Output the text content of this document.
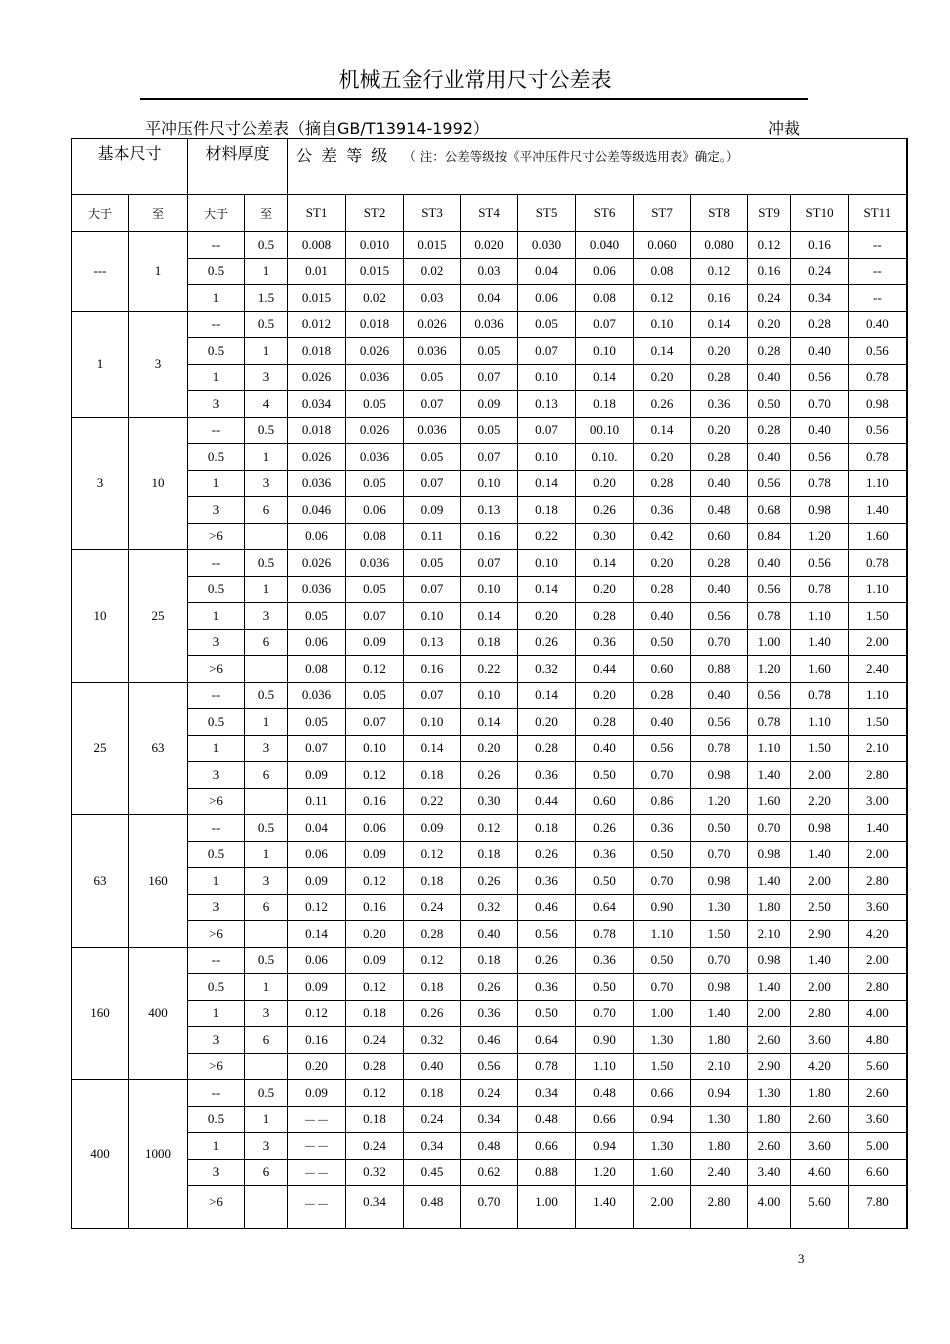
机械五金行业常用尺寸公差表
平冲压件尺寸公差表（摘自GB/T13914-1992）	冲裁
基本尺寸		材料厚度		公 差 等 级 （ 注：公差等级按《平冲压件尺寸公差等级选用表》确定。）										
大于	至	大于	至	ST1	ST2	ST3	ST4	ST5	ST6	ST7	ST8	ST9	ST10	ST11
---	1	--	0.5	0.008	0.010	0.015	0.020	0.030	0.040	0.060	0.080	0.12	0.16	--
		0.5	1	0.01	0.015	0.02	0.03	0.04	0.06	0.08	0.12	0.16	0.24	--
		1	1.5	0.015	0.02	0.03	0.04	0.06	0.08	0.12	0.16	0.24	0.34	--
1	3	--	0.5	0.012	0.018	0.026	0.036	0.05	0.07	0.10	0.14	0.20	0.28	0.40
		0.5	1	0.018	0.026	0.036	0.05	0.07	0.10	0.14	0.20	0.28	0.40	0.56
		1	3	0.026	0.036	0.05	0.07	0.10	0.14	0.20	0.28	0.40	0.56	0.78
		3	4	0.034	0.05	0.07	0.09	0.13	0.18	0.26	0.36	0.50	0.70	0.98
3	10	--	0.5	0.018	0.026	0.036	0.05	0.07	00.10	0.14	0.20	0.28	0.40	0.56
		0.5	1	0.026	0.036	0.05	0.07	0.10	0.10.	0.20	0.28	0.40	0.56	0.78
		1	3	0.036	0.05	0.07	0.10	0.14	0.20	0.28	0.40	0.56	0.78	1.10
		3	6	0.046	0.06	0.09	0.13	0.18	0.26	0.36	0.48	0.68	0.98	1.40
		>6		0.06	0.08	0.11	0.16	0.22	0.30	0.42	0.60	0.84	1.20	1.60
10	25	--	0.5	0.026	0.036	0.05	0.07	0.10	0.14	0.20	0.28	0.40	0.56	0.78
		0.5	1	0.036	0.05	0.07	0.10	0.14	0.20	0.28	0.40	0.56	0.78	1.10
		1	3	0.05	0.07	0.10	0.14	0.20	0.28	0.40	0.56	0.78	1.10	1.50
		3	6	0.06	0.09	0.13	0.18	0.26	0.36	0.50	0.70	1.00	1.40	2.00
		>6		0.08	0.12	0.16	0.22	0.32	0.44	0.60	0.88	1.20	1.60	2.40
25	63	--	0.5	0.036	0.05	0.07	0.10	0.14	0.20	0.28	0.40	0.56	0.78	1.10
		0.5	1	0.05	0.07	0.10	0.14	0.20	0.28	0.40	0.56	0.78	1.10	1.50
		1	3	0.07	0.10	0.14	0.20	0.28	0.40	0.56	0.78	1.10	1.50	2.10
		3	6	0.09	0.12	0.18	0.26	0.36	0.50	0.70	0.98	1.40	2.00	2.80
		>6		0.11	0.16	0.22	0.30	0.44	0.60	0.86	1.20	1.60	2.20	3.00
63	160	--	0.5	0.04	0.06	0.09	0.12	0.18	0.26	0.36	0.50	0.70	0.98	1.40
		0.5	1	0.06	0.09	0.12	0.18	0.26	0.36	0.50	0.70	0.98	1.40	2.00
		1	3	0.09	0.12	0.18	0.26	0.36	0.50	0.70	0.98	1.40	2.00	2.80
		3	6	0.12	0.16	0.24	0.32	0.46	0.64	0.90	1.30	1.80	2.50	3.60
		>6		0.14	0.20	0.28	0.40	0.56	0.78	1.10	1.50	2.10	2.90	4.20
160	400	--	0.5	0.06	0.09	0.12	0.18	0.26	0.36	0.50	0.70	0.98	1.40	2.00
		0.5	1	0.09	0.12	0.18	0.26	0.36	0.50	0.70	0.98	1.40	2.00	2.80
		1	3	0.12	0.18	0.26	0.36	0.50	0.70	1.00	1.40	2.00	2.80	4.00
		3	6	0.16	0.24	0.32	0.46	0.64	0.90	1.30	1.80	2.60	3.60	4.80
		>6		0.20	0.28	0.40	0.56	0.78	1.10	1.50	2.10	2.90	4.20	5.60
400	1000	--	0.5	0.09	0.12	0.18	0.24	0.34	0.48	0.66	0.94	1.30	1.80	2.60
		0.5	1	－－	0.18	0.24	0.34	0.48	0.66	0.94	1.30	1.80	2.60	3.60
		1	3	－－	0.24	0.34	0.48	0.66	0.94	1.30	1.80	2.60	3.60	5.00
		3	6	－－	0.32	0.45	0.62	0.88	1.20	1.60	2.40	3.40	4.60	6.60
		>6		－－	0.34	0.48	0.70	1.00	1.40	2.00	2.80	4.00	5.60	7.80
3
